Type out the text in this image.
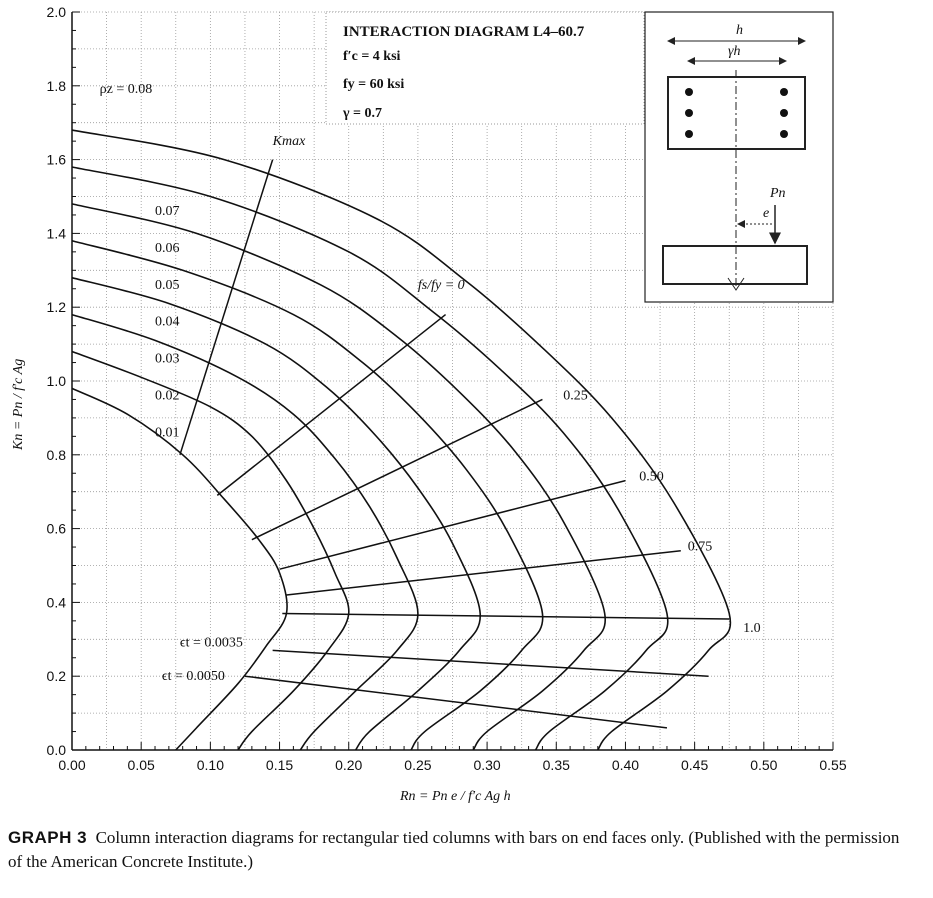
0.01
0.02
0.03
0.04
0.05
0.06
0.07
ρz = 0.08
0.00	0.05	0.10	0.15	0.20	0.25	0.30	0.35	0.40	0.45	0.50	0.55
0.0
0.2
0.4
0.6
0.8
1.0
1.2
1.4
1.6
1.8
2.0
INTERACTION DIAGRAM L4–60.7
f′c = 4 ksi
fy = 60 ksi
γ = 0.7
h
γh
e
Pn
Kmax
fs/fy = 0
0.25
0.50
0.75
1.0
ϵt = 0.0035
ϵt = 0.0050
Rn = Pn e / f′c Ag h
Kn = Pn / f′c Ag
GRAPH 3 Column interaction diagrams for rectangular tied columns with bars on end faces only. (Published with the permission of the American Concrete Institute.)
